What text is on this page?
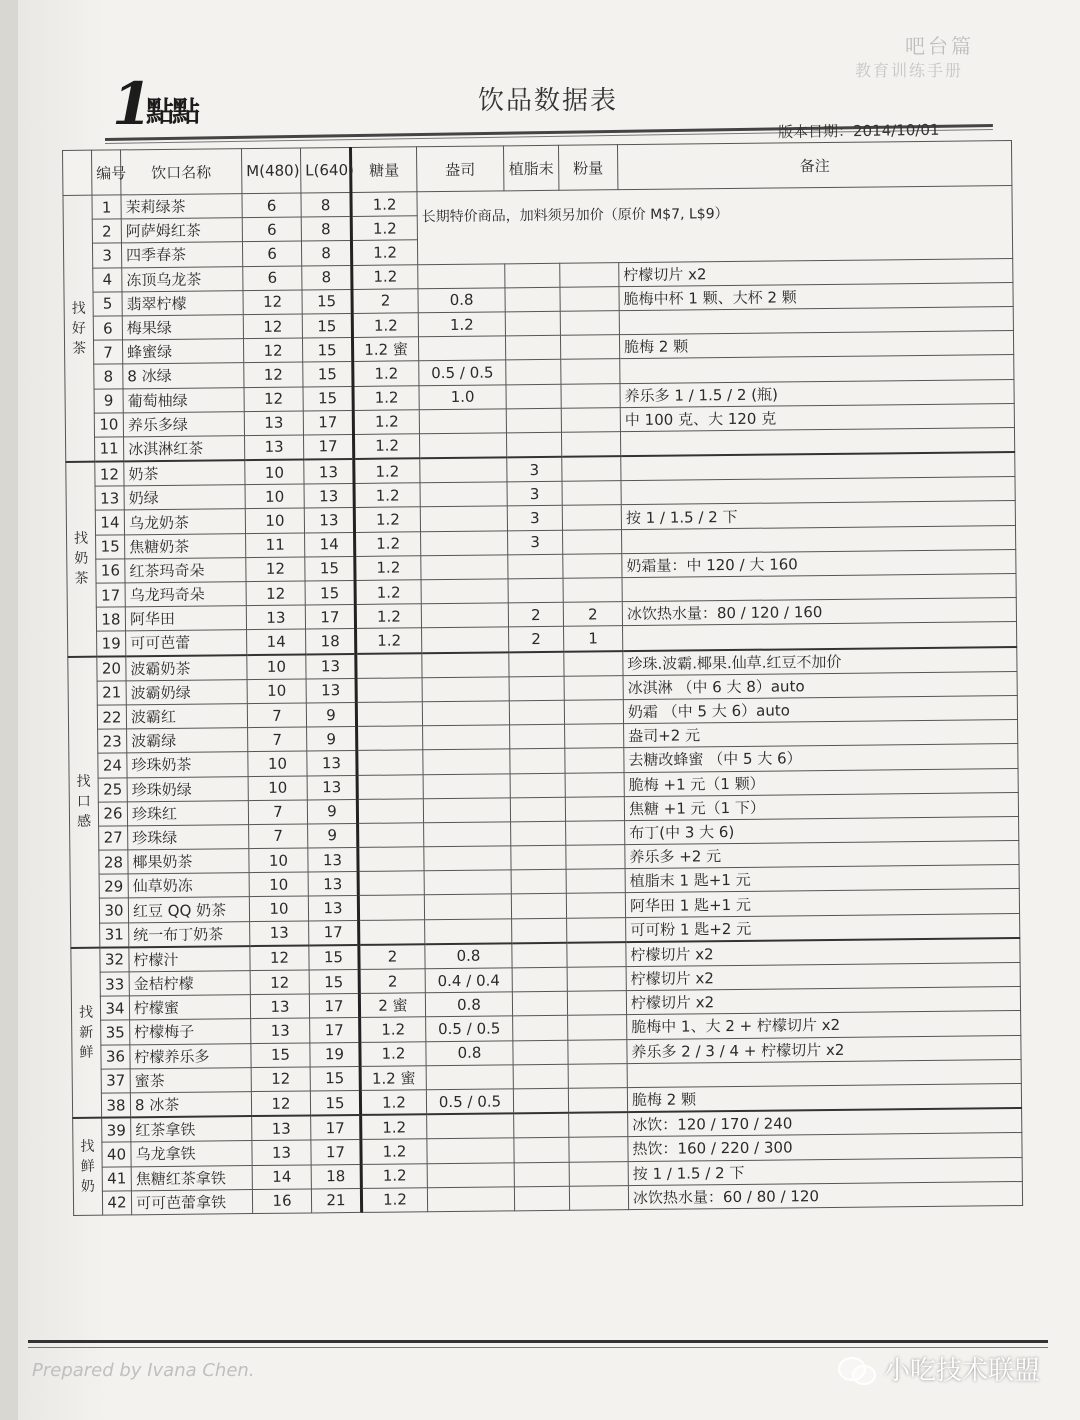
1
點點	饮品数据表
吧台篇
教育训练手册
版本日期：2014/10/01
	编号	饮口名称	M(480)	L(640)	糖量	盎司	植脂末	粉量	备注
找好茶	1	茉莉绿茶	6	8	1.2	长期特价商品，加料须另加价（原价 M$7, L$9）			
	2	阿萨姆红茶	6	8	1.2				
	3	四季春茶	6	8	1.2				
	4	冻顶乌龙茶	6	8	1.2				柠檬切片 x2
	5	翡翠柠檬	12	15	2	0.8			脆梅中杯 1 颗、大杯 2 颗
	6	梅果绿	12	15	1.2	1.2			
	7	蜂蜜绿	12	15	1.2 蜜				脆梅 2 颗
	8	8 冰绿	12	15	1.2	0.5 / 0.5			
	9	葡萄柚绿	12	15	1.2	1.0			养乐多 1 / 1.5 / 2 (瓶)
	10	养乐多绿	13	17	1.2				中 100 克、大 120 克
	11	冰淇淋红茶	13	17	1.2				
找奶茶	12	奶茶	10	13	1.2		3		
	13	奶绿	10	13	1.2		3		
	14	乌龙奶茶	10	13	1.2		3		按 1 / 1.5 / 2 下
	15	焦糖奶茶	11	14	1.2		3		
	16	红茶玛奇朵	12	15	1.2				奶霜量：中 120 / 大 160
	17	乌龙玛奇朵	12	15	1.2				
	18	阿华田	13	17	1.2		2	2	冰饮热水量：80 / 120 / 160
	19	可可芭蕾	14	18	1.2		2	1	
找口感	20	波霸奶茶	10	13					珍珠.波霸.椰果.仙草.红豆不加价
	21	波霸奶绿	10	13					冰淇淋 （中 6 大 8）auto
	22	波霸红	7	9					奶霜 （中 5 大 6）auto
	23	波霸绿	7	9					盎司+2 元
	24	珍珠奶茶	10	13					去糖改蜂蜜 （中 5 大 6）
	25	珍珠奶绿	10	13					脆梅 +1 元（1 颗）
	26	珍珠红	7	9					焦糖 +1 元（1 下）
	27	珍珠绿	7	9					布丁(中 3 大 6)
	28	椰果奶茶	10	13					养乐多 +2 元
	29	仙草奶冻	10	13					植脂末 1 匙+1 元
	30	红豆 QQ 奶茶	10	13					阿华田 1 匙+1 元
	31	统一布丁奶茶	13	17					可可粉 1 匙+2 元
找新鲜	32	柠檬汁	12	15	2	0.8			柠檬切片 x2
	33	金桔柠檬	12	15	2	0.4 / 0.4			柠檬切片 x2
	34	柠檬蜜	13	17	2 蜜	0.8			柠檬切片 x2
	35	柠檬梅子	13	17	1.2	0.5 / 0.5			脆梅中 1、大 2 + 柠檬切片 x2
	36	柠檬养乐多	15	19	1.2	0.8			养乐多 2 / 3 / 4 + 柠檬切片 x2
	37	蜜茶	12	15	1.2 蜜				
	38	8 冰茶	12	15	1.2	0.5 / 0.5			脆梅 2 颗
找鲜奶	39	红茶拿铁	13	17	1.2				冰饮：120 / 170 / 240
	40	乌龙拿铁	13	17	1.2				热饮：160 / 220 / 300
	41	焦糖红茶拿铁	14	18	1.2				按 1 / 1.5 / 2 下
	42	可可芭蕾拿铁	16	21	1.2				冰饮热水量：60 / 80 / 120
Prepared by Ivana Chen.	小吃技术联盟
